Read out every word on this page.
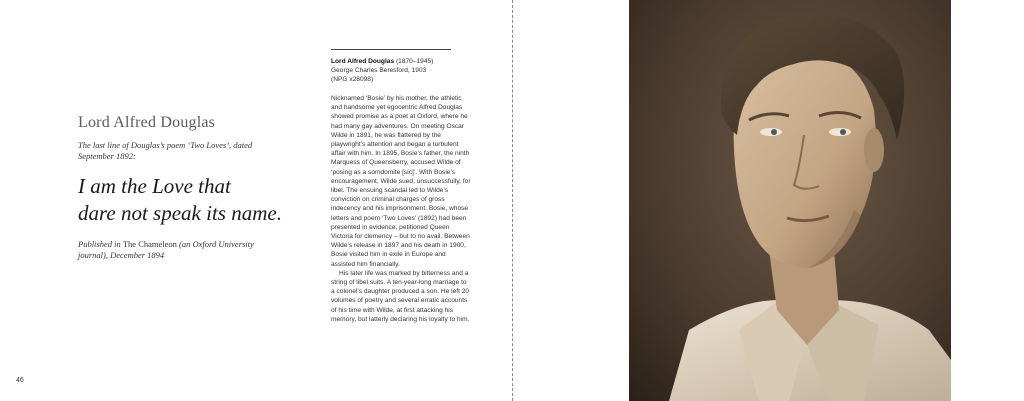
Lord Alfred Douglas
The last line of Douglas’s poem ‘Two Loves’, dated September 1892:
I am the Love that
dare not speak its name.
Published in The Chameleon (an Oxford University journal), December 1894
46
Lord Alfred Douglas (1870–1945)
George Charles Beresford, 1903
(NPG x28098)

Nicknamed ‘Bosie’ by his mother, the athletic and handsome yet egocentric Alfred Douglas showed promise as a poet at Oxford, where he had many gay adventures. On meeting Oscar Wilde in 1891, he was flattered by the playwright’s attention and began a turbulent affair with him. In 1895, Bosie’s father, the ninth Marquess of Queensberry, accused Wilde of ‘posing as a somdomite [sic]’. With Bosie’s encouragement, Wilde sued, unsuccessfully, for libel. The ensuing scandal led to Wilde’s conviction on criminal charges of gross indecency and his imprisonment. Bosie, whose letters and poem ‘Two Loves’ (1892) had been presented in evidence, petitioned Queen Victoria for clemency – but to no avail. Between Wilde’s release in 1897 and his death in 1900, Bosie visited him in exile in Europe and assisted him financially.

His later life was marked by bitterness and a string of libel suits. A ten-year-long marriage to a colonel’s daughter produced a son. He left 20 volumes of poetry and several erratic accounts of his time with Wilde, at first attacking his memory, but latterly declaring his loyalty to him.
